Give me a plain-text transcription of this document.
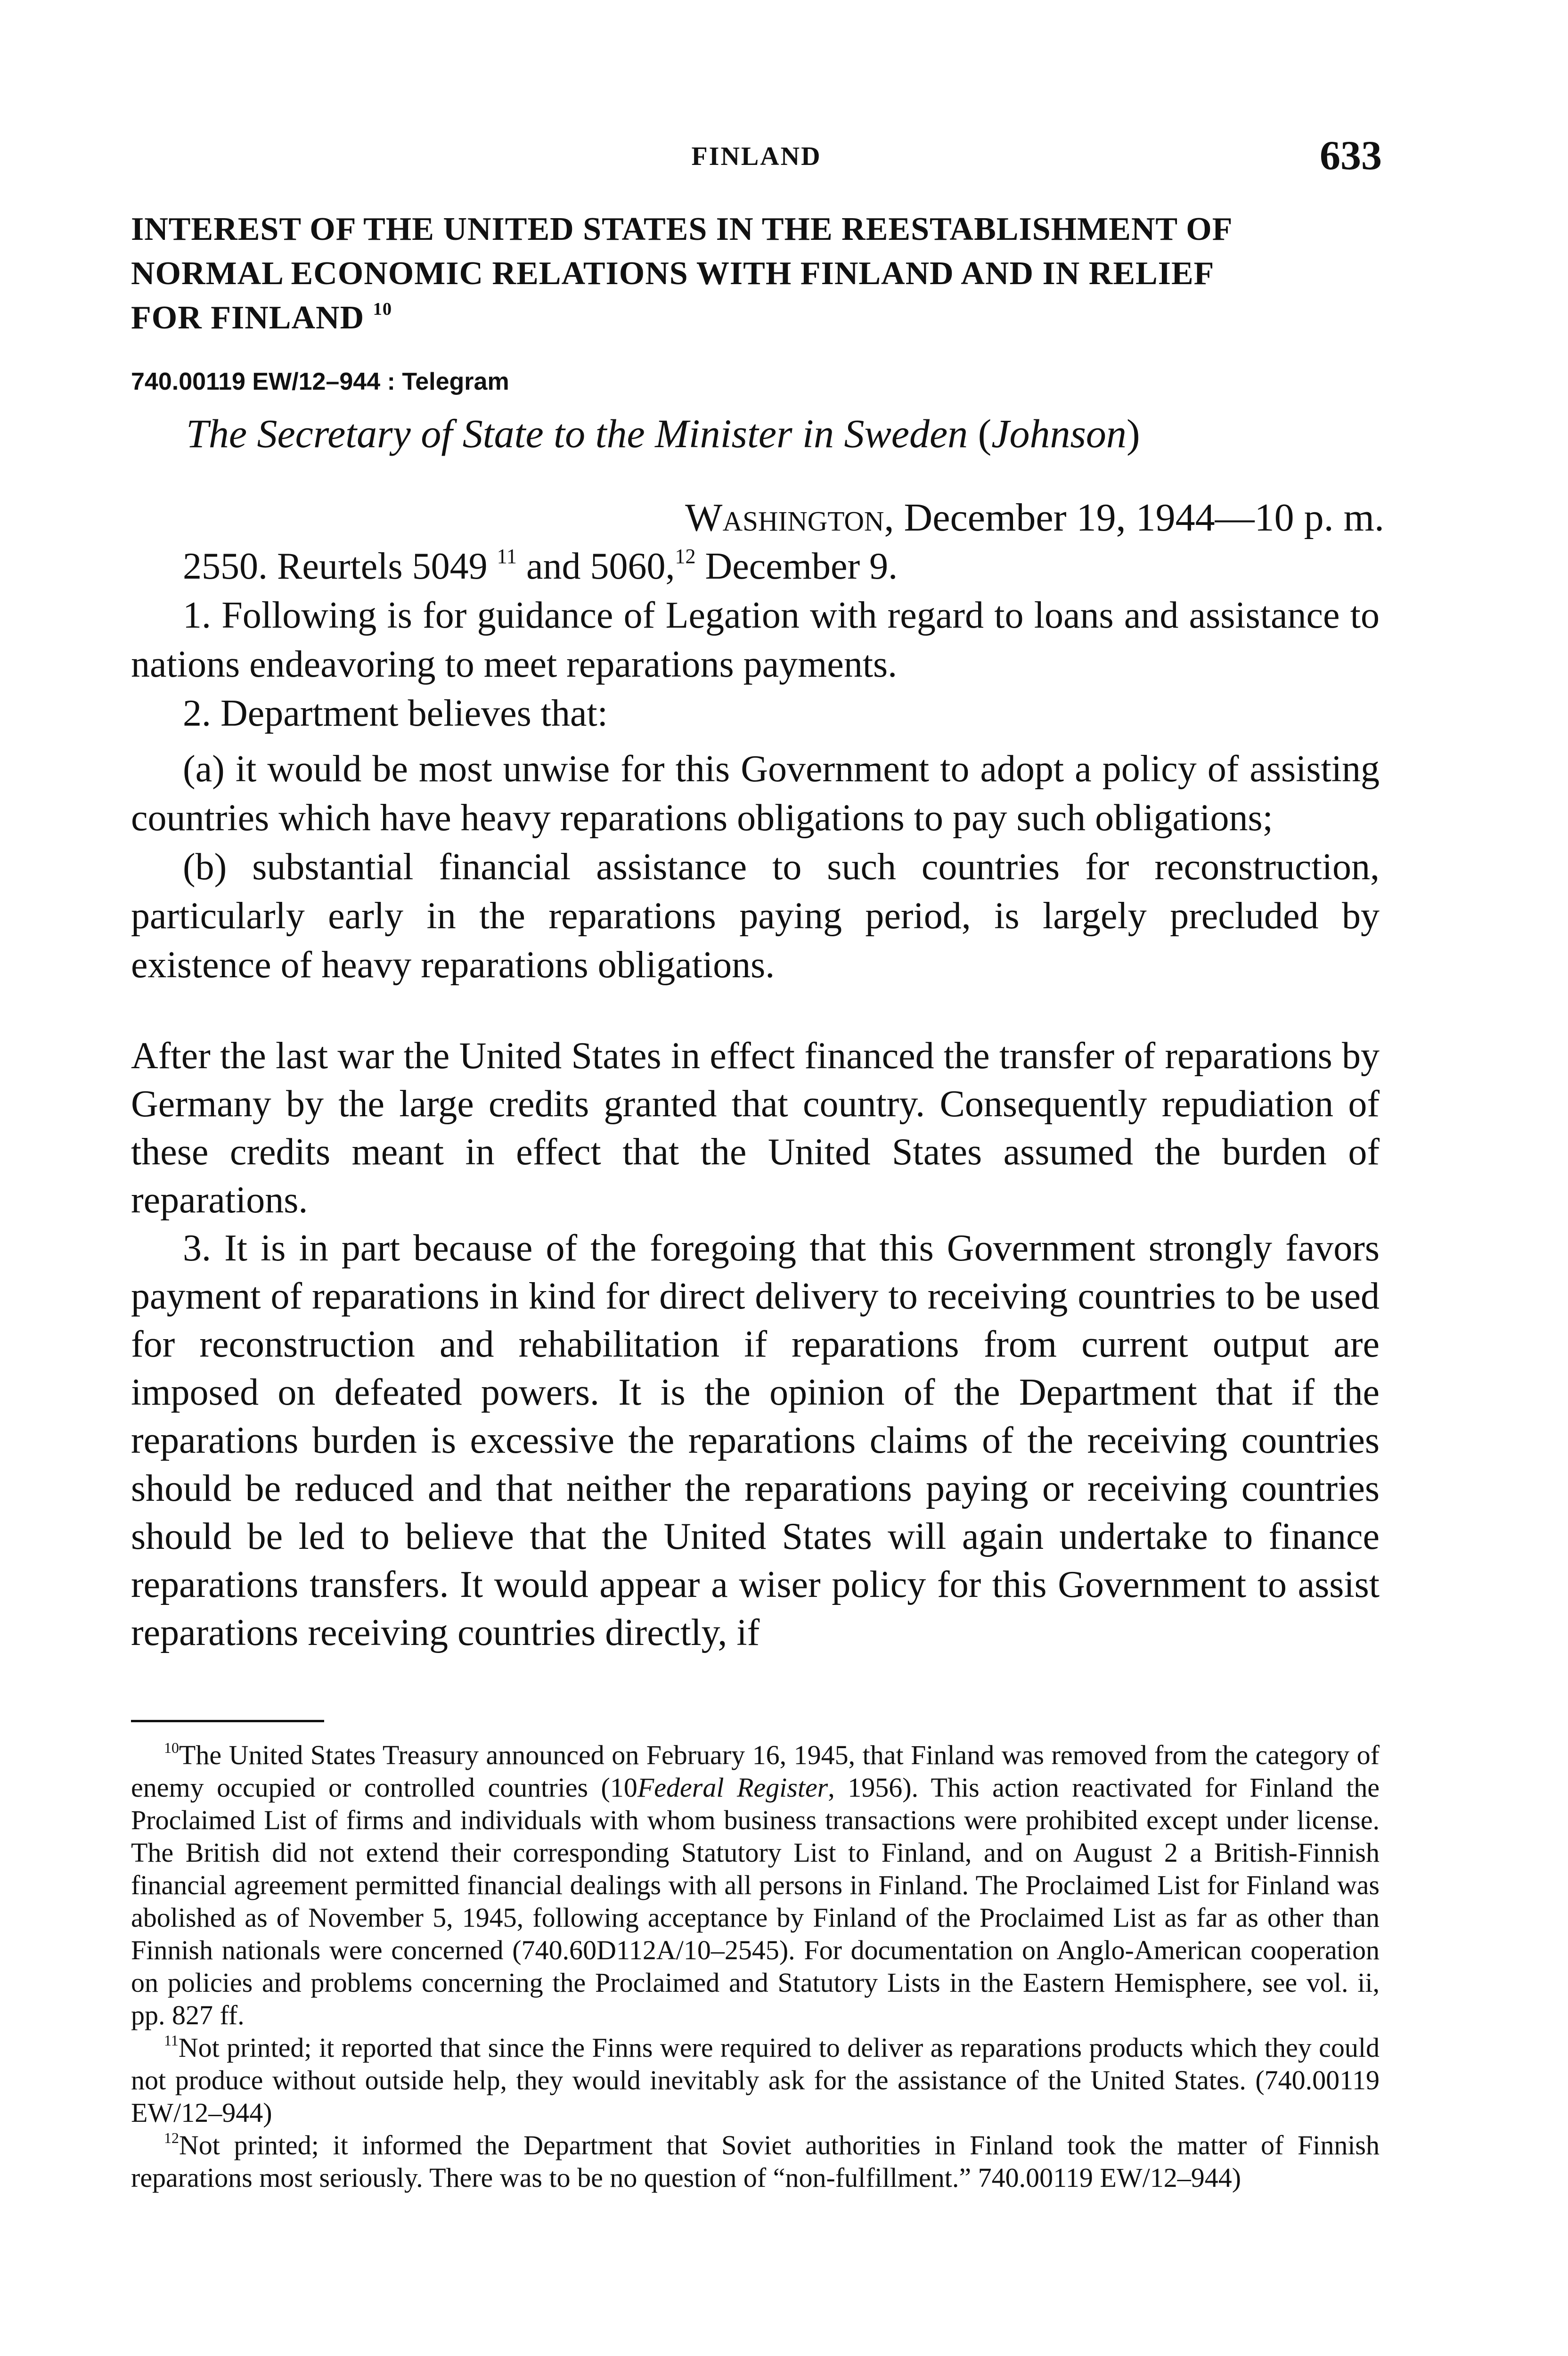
FINLAND	633
INTEREST OF THE UNITED STATES IN THE REESTABLISHMENT OF
NORMAL ECONOMIC RELATIONS WITH FINLAND AND IN RELIEF
FOR FINLAND $^{10}$
740.00119 EW/12–944 : Telegram
The Secretary of State to the Minister in Sweden (Johnson)
Washington, December 19, 1944—10 p. m.

2550. Reurtels 5049 $^{11}$ and 5060,12 December 9.

1. Following is for guidance of Legation with regard to loans and assistance to nations endeavoring to meet reparations payments.

2. Department believes that:

(a) it would be most unwise for this Government to adopt a policy of assisting countries which have heavy reparations obligations to pay such obligations;

(b) substantial financial assistance to such countries for reconstruction, particularly early in the reparations paying period, is largely precluded by existence of heavy reparations obligations.

After the last war the United States in effect financed the transfer of reparations by Germany by the large credits granted that country. Consequently repudiation of these credits meant in effect that the United States assumed the burden of reparations.

3. It is in part because of the foregoing that this Government strongly favors payment of reparations in kind for direct delivery to receiving countries to be used for reconstruction and rehabilitation if reparations from current output are imposed on defeated powers. It is the opinion of the Department that if the reparations burden is excessive the reparations claims of the receiving countries should be reduced and that neither the reparations paying or receiving countries should be led to believe that the United States will again undertake to finance reparations transfers. It would appear a wiser policy for this Government to assist reparations receiving countries directly, if

$^{10}$The United States Treasury announced on February 16, 1945, that Finland was removed from the category of enemy occupied or controlled countries (10Federal Register, 1956). This action reactivated for Finland the Proclaimed List of firms and individuals with whom business transactions were prohibited except under license. The British did not extend their corresponding Statutory List to Finland, and on August 2 a British-Finnish financial agreement permitted financial dealings with all persons in Finland. The Proclaimed List for Finland was abolished as of November 5, 1945, following acceptance by Finland of the Proclaimed List as far as other than Finnish nationals were concerned (740.60D112A/10–2545). For documentation on Anglo-American cooperation on policies and problems concerning the Proclaimed and Statutory Lists in the Eastern Hemisphere, see vol. ii, pp. 827 ff.

$^{11}$Not printed; it reported that since the Finns were required to deliver as reparations products which they could not produce without outside help, they would inevitably ask for the assistance of the United States. (740.00119 EW/12–944)

$^{12}$Not printed; it informed the Department that Soviet authorities in Finland took the matter of Finnish reparations most seriously. There was to be no question of “non-fulfillment.” 740.00119 EW/12–944)
